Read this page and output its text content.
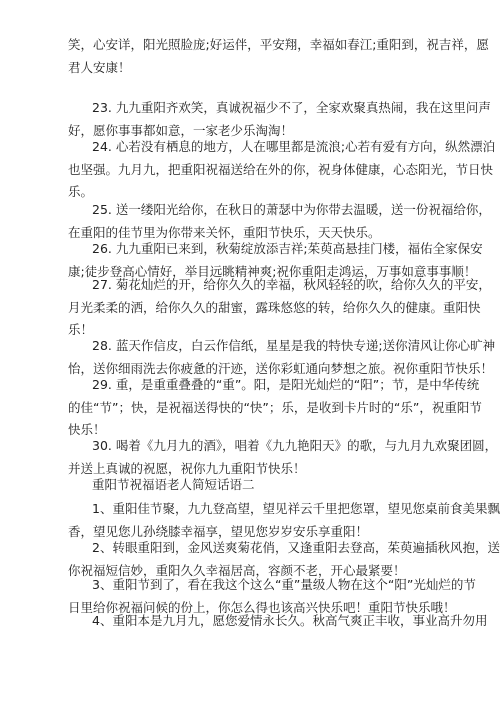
笑，心安详，阳光照脸庞;好运伴，平安翔，幸福如春江;重阳到，祝吉祥，愿
君人安康！

23. 九九重阳齐欢笑，真诚祝福少不了，全家欢聚真热闹，我在这里问声
好，愿你事事都如意，一家老少乐淘淘！

24. 心若没有栖息的地方，人在哪里都是流浪;心若有爱有方向，纵然漂泊
也坚强。九月九，把重阳祝福送给在外的你，祝身体健康，心态阳光，节日快
乐。

25. 送一缕阳光给你，在秋日的萧瑟中为你带去温暖，送一份祝福给你，
在重阳的佳节里为你带来关怀，重阳节快乐，天天快乐。

26. 九九重阳已来到，秋菊绽放添吉祥;茱萸高悬挂门楼，福佑全家保安
康;徒步登高心情好，举目远眺精神爽;祝你重阳走鸿运，万事如意事事顺！

27. 菊花灿烂的开，给你久久的幸福，秋风轻轻的吹，给你久久的平安，
月光柔柔的洒，给你久久的甜蜜，露珠悠悠的转，给你久久的健康。重阳快
乐！

28. 蓝天作信皮，白云作信纸，星星是我的特快专递;送你清风让你心旷神
怡，送你细雨洗去你疲惫的汗迹，送你彩虹通向梦想之旅。祝你重阳节快乐！

29. 重，是重重叠叠的“重”。阳，是阳光灿烂的“阳”；节，是中华传统
的佳“节”；快，是祝福送得快的“快”；乐，是收到卡片时的“乐”，祝重阳节
快乐！

30. 喝着《九月九的酒》，唱着《九九艳阳天》的歌，与九月九欢聚团圆，
并送上真诚的祝愿，祝你九九重阳节快乐！

重阳节祝福语老人简短话语二

1、重阳佳节聚，九九登高望，望见祥云千里把您罩，望见您桌前食美果飘
香，望见您儿孙绕膝幸福享，望见您岁岁安乐享重阳！

2、转眼重阳到，金风送爽菊花俏，又逢重阳去登高，茱萸遍插秋风抱，送
你祝福短信妙，重阳久久幸福居高，容颜不老，开心最紧要！

3、重阳节到了，看在我这个这么“重”量级人物在这个“阳”光灿烂的节
日里给你祝福问候的份上，你怎么得也该高兴快乐吧！重阳节快乐哦！

4、重阳本是九月九，愿您爱情永长久。秋高气爽正丰收，事业高升勿用
